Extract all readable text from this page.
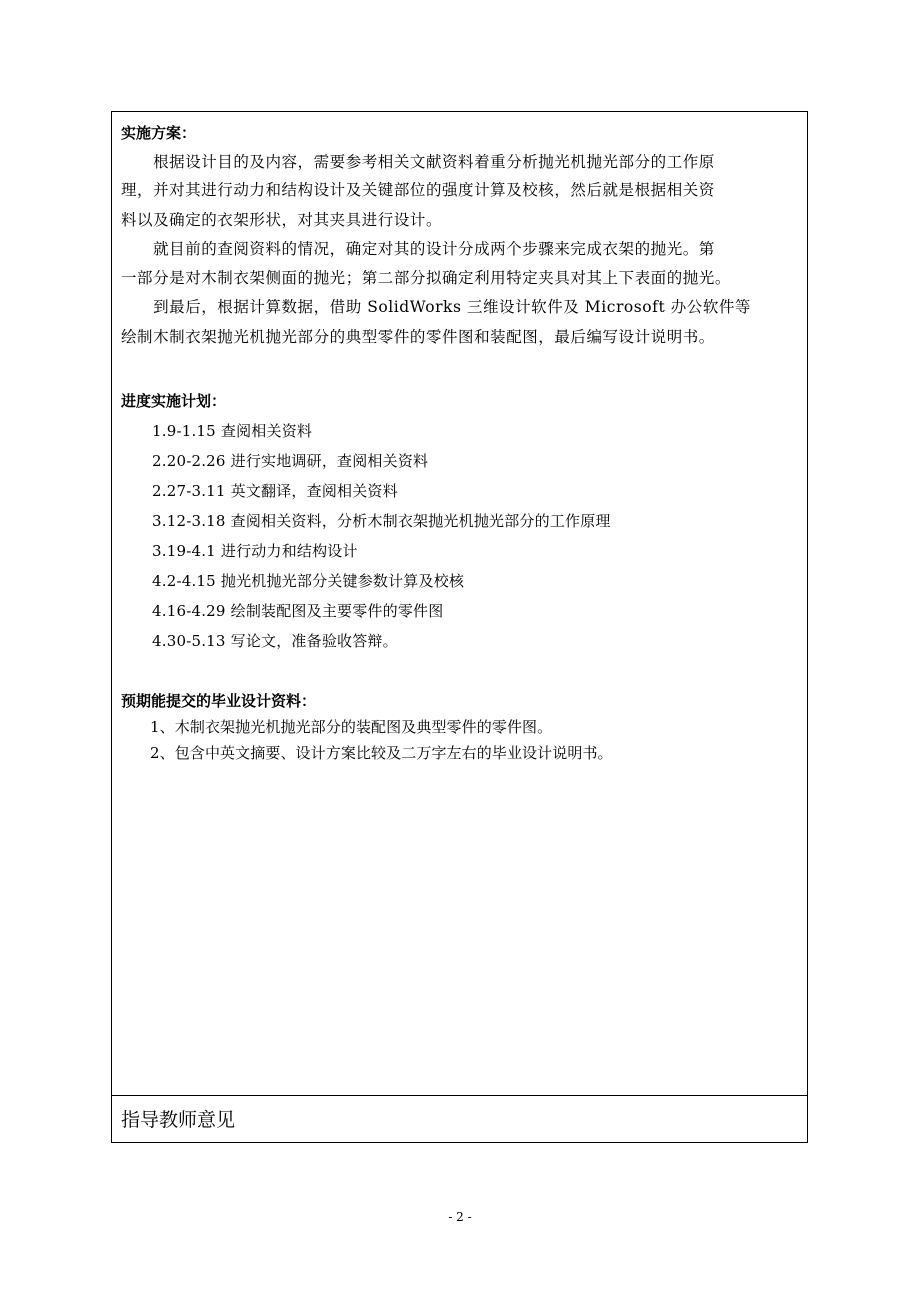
实施方案：
　　根据设计目的及内容，需要参考相关文献资料着重分析抛光机抛光部分的工作原
理，并对其进行动力和结构设计及关键部位的强度计算及校核，然后就是根据相关资
料以及确定的衣架形状，对其夹具进行设计。
　　就目前的查阅资料的情况，确定对其的设计分成两个步骤来完成衣架的抛光。第
一部分是对木制衣架侧面的抛光；第二部分拟确定利用特定夹具对其上下表面的抛光。
　　到最后，根据计算数据，借助 SolidWorks 三维设计软件及 Microsoft 办公软件等
绘制木制衣架抛光机抛光部分的典型零件的零件图和装配图，最后编写设计说明书。
进度实施计划：
1.9-1.15 查阅相关资料
2.20-2.26 进行实地调研，查阅相关资料
2.27-3.11 英文翻译，查阅相关资料
3.12-3.18 查阅相关资料，分析木制衣架抛光机抛光部分的工作原理
3.19-4.1 进行动力和结构设计
4.2-4.15 抛光机抛光部分关键参数计算及校核
4.16-4.29 绘制装配图及主要零件的零件图
4.30-5.13 写论文，准备验收答辩。
预期能提交的毕业设计资料：
1、木制衣架抛光机抛光部分的装配图及典型零件的零件图。
2、包含中英文摘要、设计方案比较及二万字左右的毕业设计说明书。
指导教师意见
- 2 -
